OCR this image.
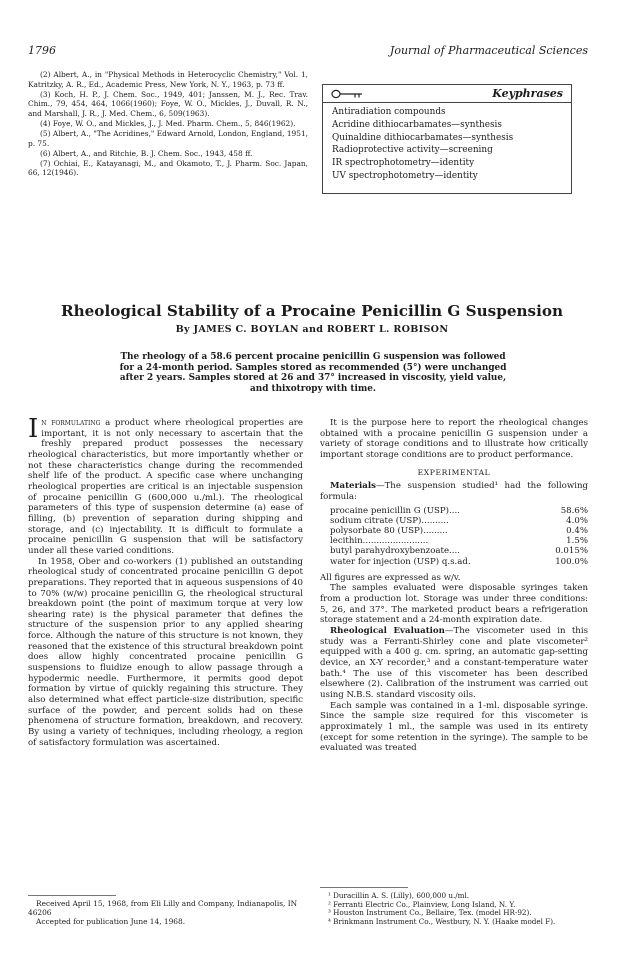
1796	Journal of Pharmaceutical Sciences

(2) Albert, A., in "Physical Methods in Heterocyclic Chemistry," Vol. 1, Katritzky, A. R., Ed., Academic Press, New York, N. Y., 1963, p. 73 ff.

(3) Koch, H. P., J. Chem. Soc., 1949, 401; Janssen, M. J., Rec. Trav. Chim., 79, 454, 464, 1066(1960); Foye, W. O., Mickles, J., Duvall, R. N., and Marshall, J. R., J. Med. Chem., 6, 509(1963).

(4) Foye, W. O., and Mickles, J., J. Med. Pharm. Chem., 5, 846(1962).

(5) Albert, A., "The Acridines," Edward Arnold, London, England, 1951, p. 75.

(6) Albert, A., and Ritchie, B. J. Chem. Soc., 1943, 458 ff.

(7) Ochiai, E., Katayanagi, M., and Okamoto, T., J. Pharm. Soc. Japan, 66, 12(1946).

Keyphrases
Antiradiation compounds
Acridine dithiocarbamates—synthesis
Quinaldine dithiocarbamates—synthesis
Radioprotective activity—screening
IR spectrophotometry—identity
UV spectrophotometry—identity
Rheological Stability of a Procaine Penicillin G Suspension
By JAMES C. BOYLAN and ROBERT L. ROBISON
The rheology of a 58.6 percent procaine penicillin G suspension was followed for a 24-month period. Samples stored as recommended (5°) were unchanged after 2 years. Samples stored at 26 and 37° increased in viscosity, yield value, and thixotropy with time.

In formulating a product where rheological properties are important, it is not only necessary to ascertain that the freshly prepared product possesses the necessary rheological characteristics, but more importantly whether or not these characteristics change during the recommended shelf life of the product. A specific case where unchanging rheological properties are critical is an injectable suspension of procaine penicillin G (600,000 u./ml.). The rheological parameters of this type of suspension determine (a) ease of filling, (b) prevention of separation during shipping and storage, and (c) injectability. It is difficult to formulate a procaine penicillin G suspension that will be satisfactory under all these varied conditions.

In 1958, Ober and co-workers (1) published an outstanding rheological study of concentrated procaine penicillin G depot preparations. They reported that in aqueous suspensions of 40 to 70% (w/w) procaine penicillin G, the rheological structural breakdown point (the point of maximum torque at very low shearing rate) is the physical parameter that defines the structure of the suspension prior to any applied shearing force. Although the nature of this structure is not known, they reasoned that the existence of this structural breakdown point does allow highly concentrated procaine penicillin G suspensions to fluidize enough to allow passage through a hypodermic needle. Furthermore, it permits good depot formation by virtue of quickly regaining this structure. They also determined what effect particle-size distribution, specific surface of the powder, and percent solids had on these phenomena of structure formation, breakdown, and recovery. By using a variety of techniques, including rheology, a region of satisfactory formulation was ascertained.

Received April 15, 1968, from Eli Lilly and Company, Indianapolis, IN 46206

Accepted for publication June 14, 1968.

It is the purpose here to report the rheological changes obtained with a procaine penicillin G suspension under a variety of storage conditions and to illustrate how critically important storage conditions are to product performance.

EXPERIMENTAL

Materials—The suspension studied¹ had the following formula:

procaine penicillin G (USP)....	58.6%
sodium citrate (USP)..........	4.0%
polysorbate 80 (USP).........	0.4%
lecithin........................	1.5%
butyl parahydroxybenzoate....	0.015%
water for injection (USP) q.s.ad.	100.0%

All figures are expressed as w/v.

The samples evaluated were disposable syringes taken from a production lot. Storage was under three conditions: 5, 26, and 37°. The marketed product bears a refrigeration storage statement and a 24-month expiration date.

Rheological Evaluation—The viscometer used in this study was a Ferranti-Shirley cone and plate viscometer² equipped with a 400 g. cm. spring, an automatic gap-setting device, an X-Y recorder,³ and a constant-temperature water bath.⁴ The use of this viscometer has been described elsewhere (2). Calibration of the instrument was carried out using N.B.S. standard viscosity oils.

Each sample was contained in a 1-ml. disposable syringe. Since the sample size required for this viscometer is approximately 1 ml., the sample was used in its entirety (except for some retention in the syringe). The sample to be evaluated was treated

¹ Duracillin A. S. (Lilly), 600,000 u./ml.

² Ferranti Electric Co., Plainview, Long Island, N. Y.

³ Houston Instrument Co., Bellaire, Tex. (model HR-92).

⁴ Brinkmann Instrument Co., Westbury, N. Y. (Haake model F).
